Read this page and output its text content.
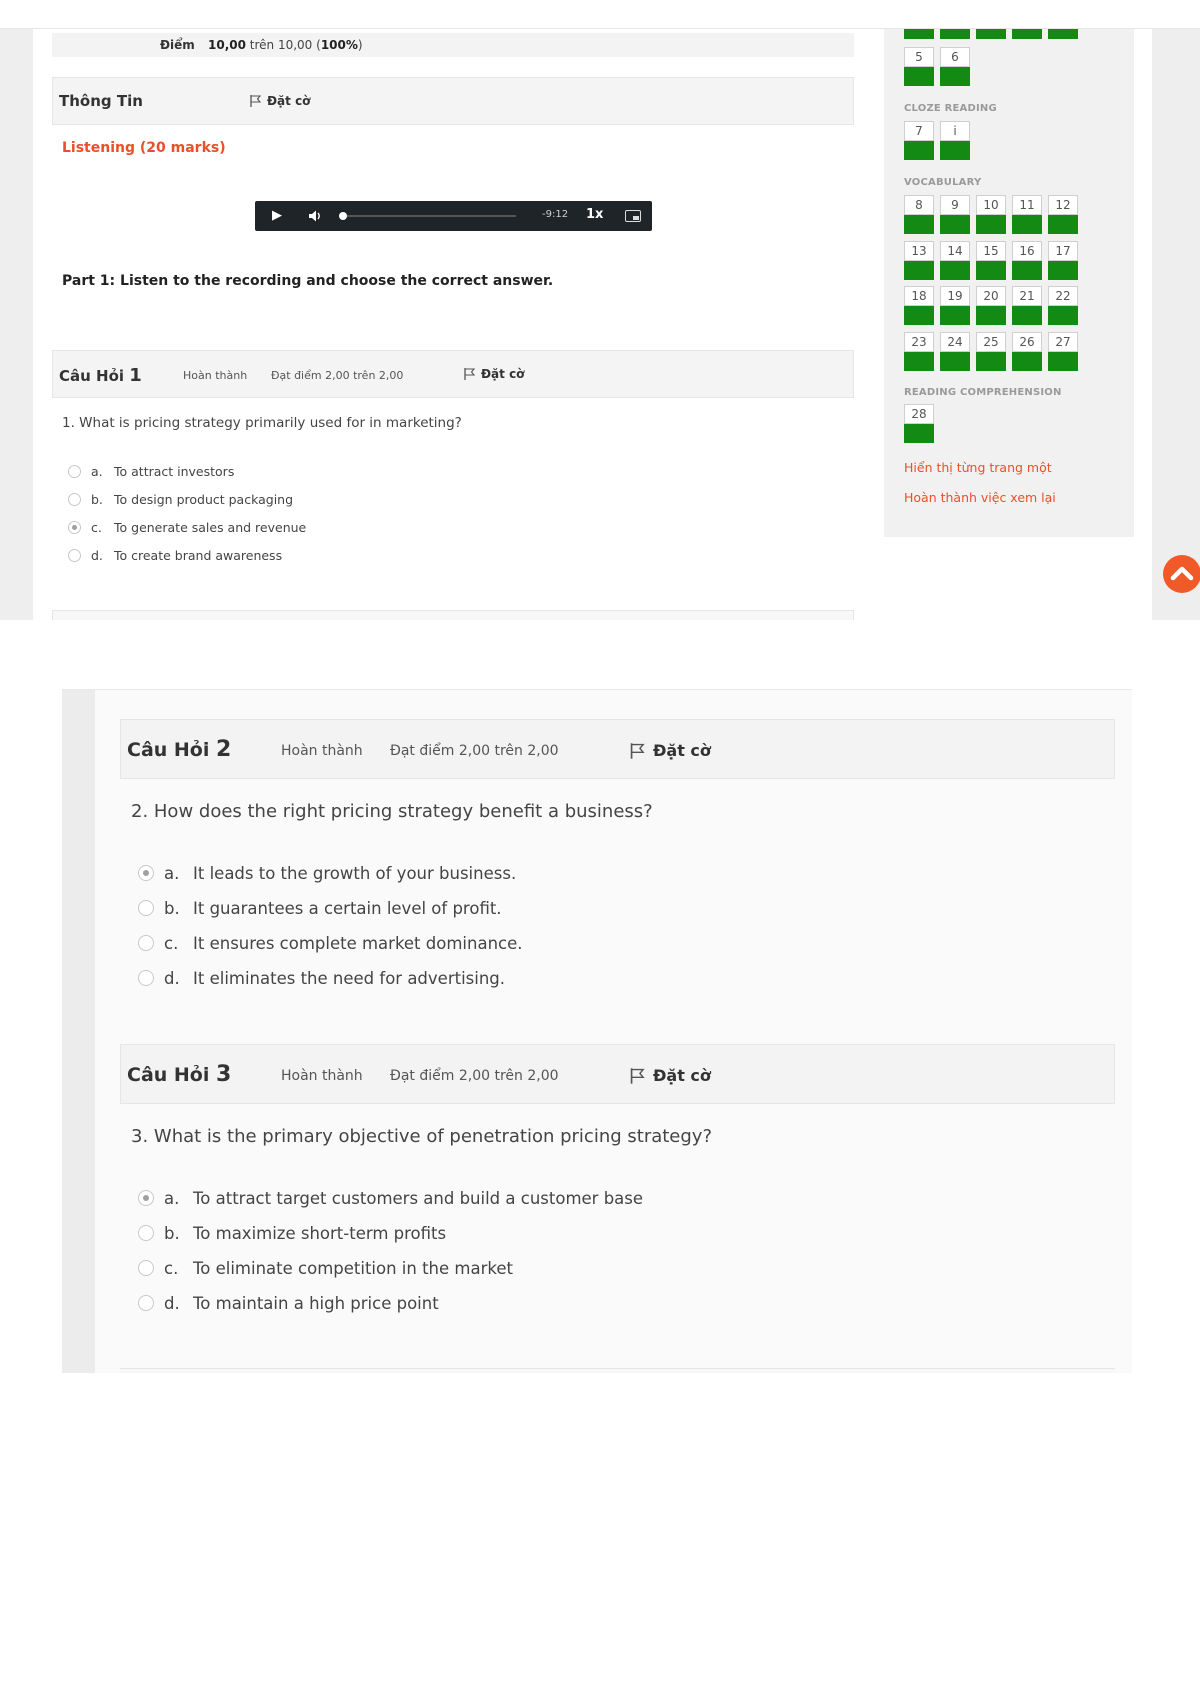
Điểm 10,00 trên 10,00 (100%)
Thông Tin	Đặt cờ
Listening (20 marks)
▶	-9:12 1x
Part 1: Listen to the recording and choose the correct answer.
Câu Hỏi 1	Hoàn thành Đạt điểm 2,00 trên 2,00	Đặt cờ
1. What is pricing strategy primarily used for in marketing?
a. To attract investors
b. To design product packaging
c. To generate sales and revenue
d. To create brand awareness
5	6
CLOZE READING
7	i
VOCABULARY
8	9	10	11	12
13	14	15	16	17
18	19	20	21	22
23	24	25	26	27
READING COMPREHENSION
28
Hiển thị từng trang một
Hoàn thành việc xem lại
Câu Hỏi 2	Hoàn thành Đạt điểm 2,00 trên 2,00	Đặt cờ
2. How does the right pricing strategy benefit a business?
a. It leads to the growth of your business.
b. It guarantees a certain level of profit.
c. It ensures complete market dominance.
d. It eliminates the need for advertising.
Câu Hỏi 3	Hoàn thành Đạt điểm 2,00 trên 2,00	Đặt cờ
3. What is the primary objective of penetration pricing strategy?
a. To attract target customers and build a customer base
b. To maximize short-term profits
c. To eliminate competition in the market
d. To maintain a high price point
